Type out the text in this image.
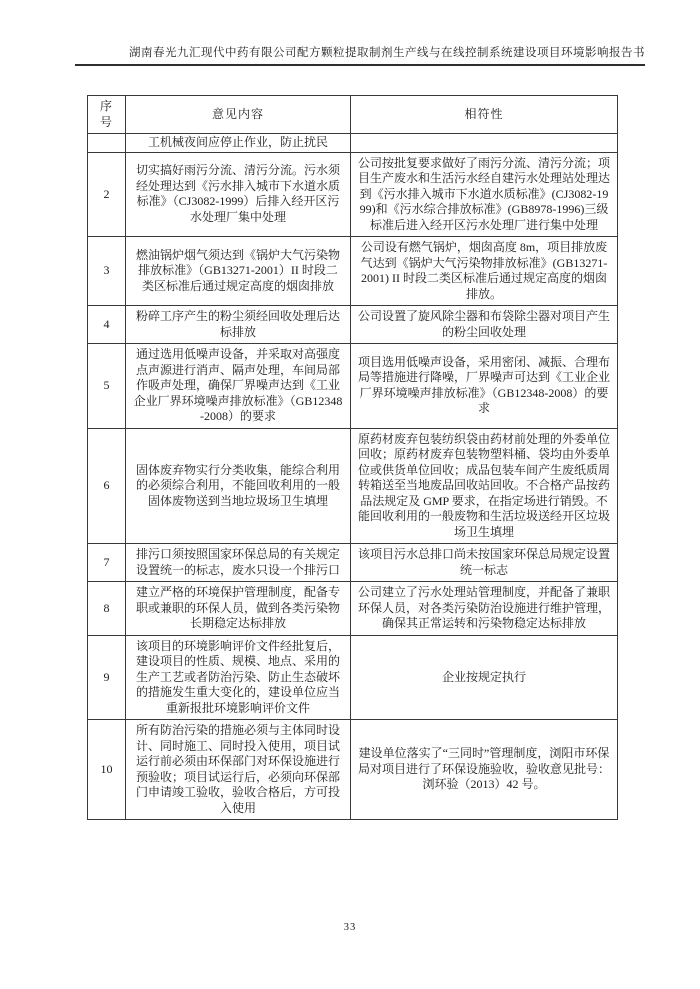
湖南春光九汇现代中药有限公司配方颗粒提取制剂生产线与在线控制系统建设项目环境影响报告书
序号	意见内容	相符性
	工机械夜间应停止作业，防止扰民	
2	切实搞好雨污分流、清污分流。污水须经处理达到《污水排入城市下水道水质标准》（CJ3082-1999）后排入经开区污水处理厂集中处理	公司按批复要求做好了雨污分流、清污分流；项目生产废水和生活污水经自建污水处理站处理达到《污水排入城市下水道水质标准》(CJ3082-1999)和《污水综合排放标准》(GB8978-1996)三级标准后进入经开区污水处理厂进行集中处理
3	燃油锅炉烟气须达到《锅炉大气污染物排放标准》（GB13271-2001）II 时段二类区标准后通过规定高度的烟囱排放	公司设有燃气锅炉，烟囱高度 8m，项目排放废气达到《锅炉大气污染物排放标准》(GB13271-2001) II 时段二类区标准后通过规定高度的烟囱排放。
4	粉碎工序产生的粉尘须经回收处理后达标排放	公司设置了旋风除尘器和布袋除尘器对项目产生的粉尘回收处理
5	通过选用低噪声设备，并采取对高强度点声源进行消声、隔声处理，车间局部作吸声处理，确保厂界噪声达到《工业企业厂界环境噪声排放标准》（GB12348-2008）的要求	项目选用低噪声设备，采用密闭、减振、合理布局等措施进行降噪，厂界噪声可达到《工业企业厂界环境噪声排放标准》（GB12348-2008）的要求
6	固体废弃物实行分类收集，能综合利用的必须综合利用，不能回收利用的一般固体废物送到当地垃圾场卫生填埋	原药材废弃包装纺织袋由药材前处理的外委单位回收；原药材废弃包装物塑料桶、袋均由外委单位或供货单位回收；成品包装车间产生废纸质周转箱送至当地废品回收站回收。不合格产品按药品法规定及 GMP 要求，在指定场进行销毁。不能回收利用的一般废物和生活垃圾送经开区垃圾场卫生填埋
7	排污口须按照国家环保总局的有关规定设置统一的标志，废水只设一个排污口	该项目污水总排口尚未按国家环保总局规定设置统一标志
8	建立严格的环境保护管理制度，配备专职或兼职的环保人员，做到各类污染物长期稳定达标排放	公司建立了污水处理站管理制度，并配备了兼职环保人员，对各类污染防治设施进行维护管理，确保其正常运转和污染物稳定达标排放
9	该项目的环境影响评价文件经批复后，建设项目的性质、规模、地点、采用的生产工艺或者防治污染、防止生态破坏的措施发生重大变化的，建设单位应当重新报批环境影响评价文件	企业按规定执行
10	所有防治污染的措施必须与主体同时设计、同时施工、同时投入使用，项目试运行前必须由环保部门对环保设施进行预验收；项目试运行后，必须向环保部门申请竣工验收，验收合格后，方可投入使用	建设单位落实了“三同时”管理制度，浏阳市环保局对项目进行了环保设施验收，验收意见批号：浏环验（2013）42 号。
33
